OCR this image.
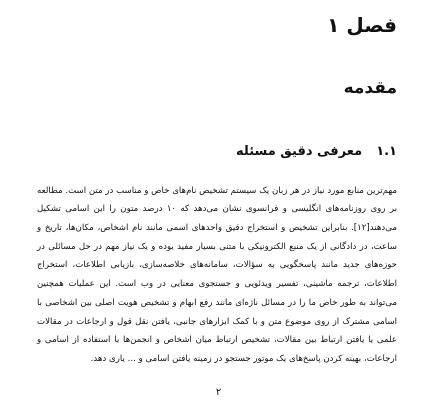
فصل ۱
مقدمه
۱.۱معرفی دقیق مسئله

مهم‌ترین منابع مورد نیاز در هر زبان یک سیستم تشخیص نام‌های خاص و مناسب در متن است. مطالعه بر روی روزنامه‌های انگلیسی و فرانسوی نشان می‌دهد که ۱۰ درصد متون را این اسامی تشکیل می‌دهند[۱۲]. بنابراین تشخیص و استخراج دقیق واحدهای اسمی مانند نام اشخاص، مکان‌ها، تاریخ و ساعت، در دادگانی از یک منبع الکترونیکی با متنی بسیار مفید بوده و یک نیاز مهم در حل مسائلی در حوزه‌های جدید مانند پاسخگویی به سؤالات، سامانه‌های خلاصه‌سازی، بازیابی اطلاعات، استخراج اطلاعات، ترجمه ماشینی، تفسیر ویدئویی و جستجوی معنایی در وب است. این عملیات همچنین می‌تواند به طور خاص ما را در مسائل ناژه‌ای مانند رفع ابهام و تشخیص هویت اصلی بین اشخاصی با اسامی مشترک از روی موضوع متن و با کمک ابزارهای جانبی، یافتن نقل قول و ارجاعات در مقالات علمی یا یافتن ارتباط بین مقالات، تشخیص ارتباط میان اشخاص و انجمن‌ها با استفاده از اسامی و ارجاعات، بهینه کردن پاسخ‌های یک موتور جستجو در زمینه یافتن اسامی و ... یاری دهد.

۲
